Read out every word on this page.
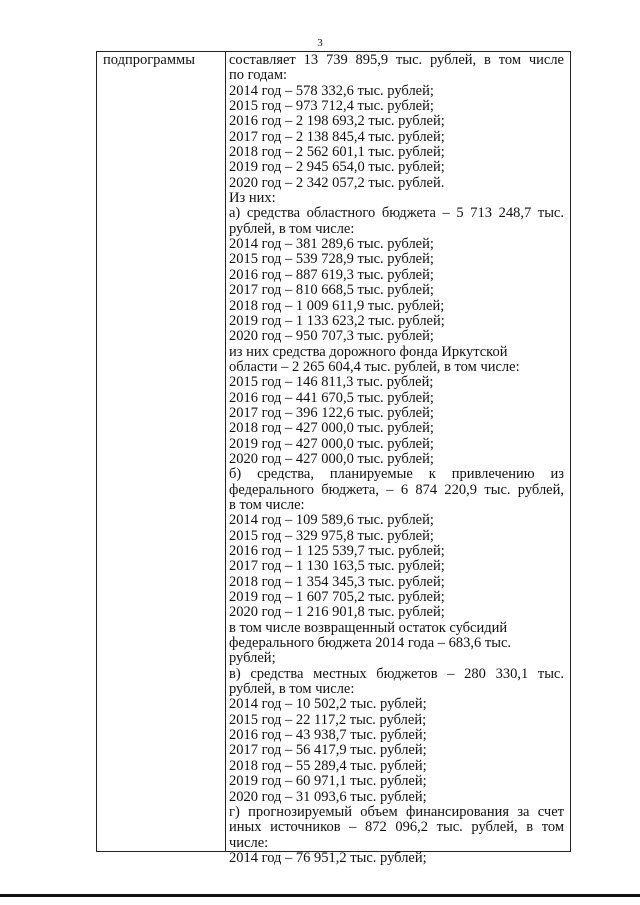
3
подпрограммы	составляет 13 739 895,9 тыс. рублей, в том числе
по годам:
2014 год – 578 332,6 тыс. рублей;
2015 год – 973 712,4 тыс. рублей;
2016 год – 2 198 693,2 тыс. рублей;
2017 год – 2 138 845,4 тыс. рублей;
2018 год – 2 562 601,1 тыс. рублей;
2019 год – 2 945 654,0 тыс. рублей;
2020 год – 2 342 057,2 тыс. рублей.
Из них:
а) средства областного бюджета – 5 713 248,7 тыс.
рублей, в том числе:
2014 год – 381 289,6 тыс. рублей;
2015 год – 539 728,9 тыс. рублей;
2016 год – 887 619,3 тыс. рублей;
2017 год – 810 668,5 тыс. рублей;
2018 год – 1 009 611,9 тыс. рублей;
2019 год – 1 133 623,2 тыс. рублей;
2020 год – 950 707,3 тыс. рублей;
из них средства дорожного фонда Иркутской
области – 2 265 604,4 тыс. рублей, в том числе:
2015 год – 146 811,3 тыс. рублей;
2016 год – 441 670,5 тыс. рублей;
2017 год – 396 122,6 тыс. рублей;
2018 год – 427 000,0 тыс. рублей;
2019 год – 427 000,0 тыс. рублей;
2020 год – 427 000,0 тыс. рублей;
б) средства, планируемые к привлечению из
федерального бюджета, – 6 874 220,9 тыс. рублей,
в том числе:
2014 год – 109 589,6 тыс. рублей;
2015 год – 329 975,8 тыс. рублей;
2016 год – 1 125 539,7 тыс. рублей;
2017 год – 1 130 163,5 тыс. рублей;
2018 год – 1 354 345,3 тыс. рублей;
2019 год – 1 607 705,2 тыс. рублей;
2020 год – 1 216 901,8 тыс. рублей;
в том числе возвращенный остаток субсидий
федерального бюджета 2014 года – 683,6 тыс.
рублей;
в) средства местных бюджетов – 280 330,1 тыс.
рублей, в том числе:
2014 год – 10 502,2 тыс. рублей;
2015 год – 22 117,2 тыс. рублей;
2016 год – 43 938,7 тыс. рублей;
2017 год – 56 417,9 тыс. рублей;
2018 год – 55 289,4 тыс. рублей;
2019 год – 60 971,1 тыс. рублей;
2020 год – 31 093,6 тыс. рублей;
г) прогнозируемый объем финансирования за счет
иных источников – 872 096,2 тыс. рублей, в том
числе:
2014 год – 76 951,2 тыс. рублей;
